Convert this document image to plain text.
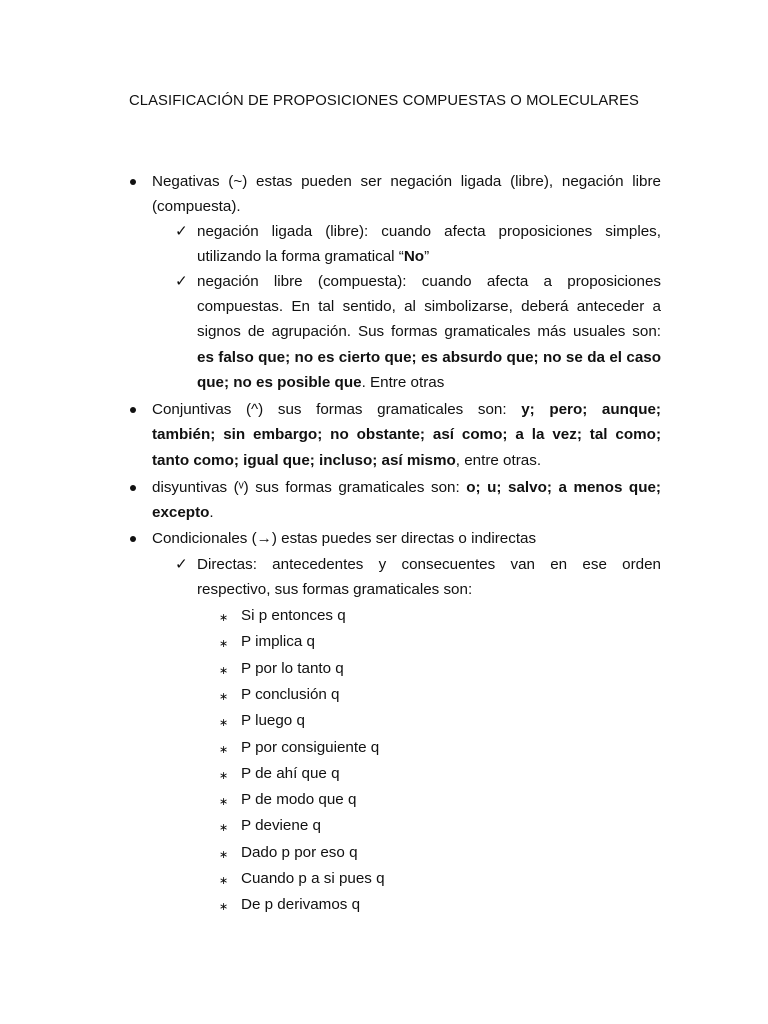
CLASIFICACIÓN DE PROPOSICIONES COMPUESTAS O MOLECULARES
Negativas (~) estas pueden ser negación ligada (libre), negación libre
(compuesta).
✓ negación ligada (libre): cuando afecta proposiciones simples,
utilizando la forma gramatical “No”
✓ negación libre (compuesta): cuando afecta a proposiciones
compuestas. En tal sentido, al simbolizarse, deberá anteceder a
signos de agrupación. Sus formas gramaticales más usuales son:
es falso que; no es cierto que; es absurdo que; no se da el caso
que; no es posible que. Entre otras
Conjuntivas (^) sus formas gramaticales son: y; pero; aunque;
también; sin embargo; no obstante; así como; a la vez; tal como;
tanto como; igual que; incluso; así mismo, entre otras.
disyuntivas (ᵛ) sus formas gramaticales son: o; u; salvo; a menos que;
excepto.
Condicionales (→) estas puedes ser directas o indirectas
✓ Directas: antecedentes y consecuentes van en ese orden
respectivo, sus formas gramaticales son:
∗ Si p entonces q
∗ P implica q
∗ P por lo tanto q
∗ P conclusión q
∗ P luego q
∗ P por consiguiente q
∗ P de ahí que q
∗ P de modo que q
∗ P deviene q
∗ Dado p por eso q
∗ Cuando p a si pues q
∗ De p derivamos q
